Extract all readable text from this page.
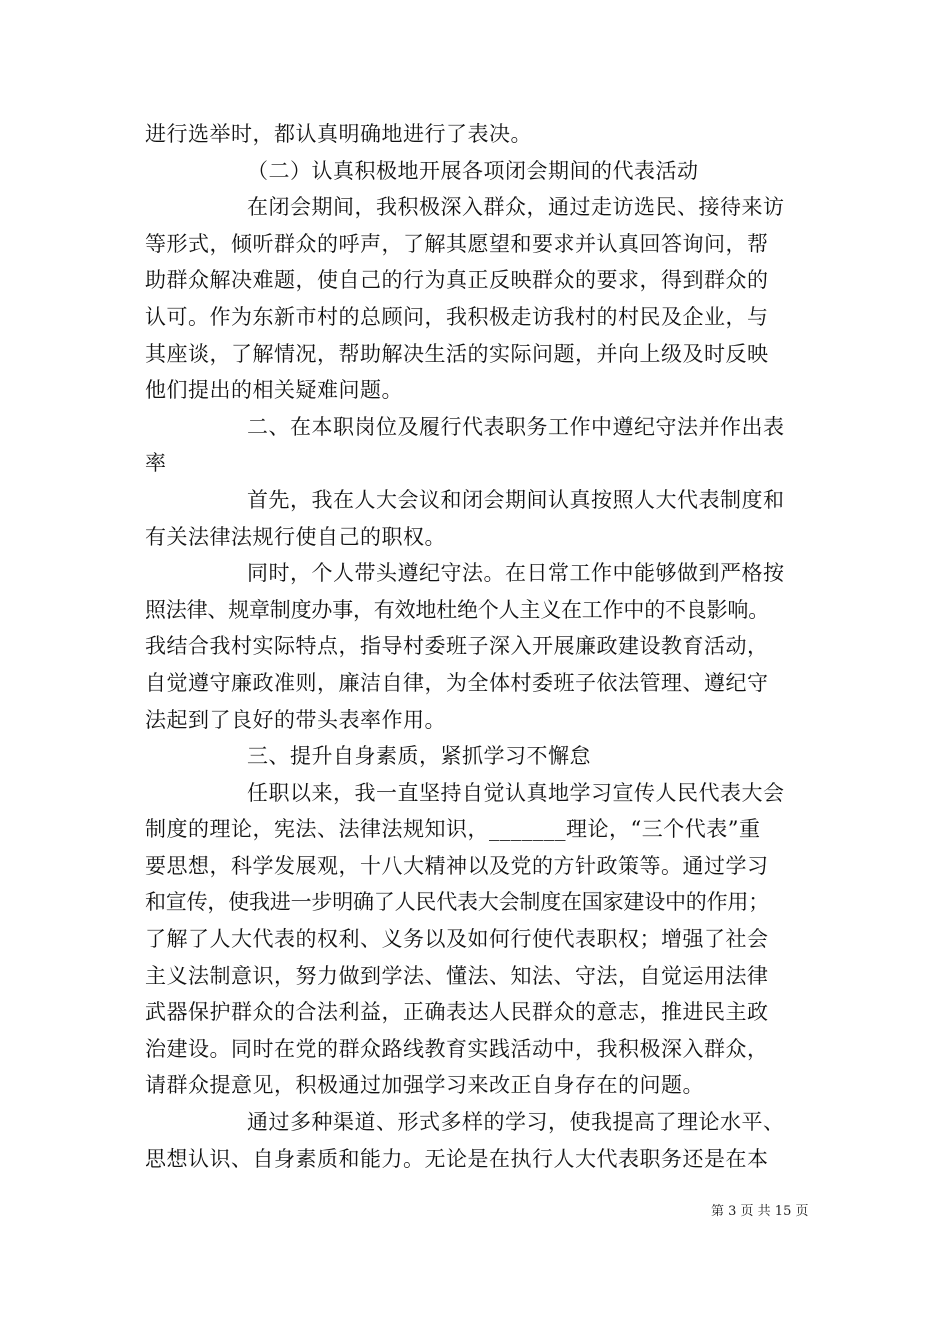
进行选举时，都认真明确地进行了表决。
（二）认真积极地开展各项闭会期间的代表活动
在闭会期间，我积极深入群众，通过走访选民、接待来访
等形式，倾听群众的呼声，了解其愿望和要求并认真回答询问，帮
助群众解决难题，使自己的行为真正反映群众的要求，得到群众的
认可。作为东新市村的总顾问，我积极走访我村的村民及企业，与
其座谈，了解情况，帮助解决生活的实际问题，并向上级及时反映
他们提出的相关疑难问题。
二、在本职岗位及履行代表职务工作中遵纪守法并作出表
率
首先，我在人大会议和闭会期间认真按照人大代表制度和
有关法律法规行使自己的职权。
同时，个人带头遵纪守法。在日常工作中能够做到严格按
照法律、规章制度办事，有效地杜绝个人主义在工作中的不良影响。
我结合我村实际特点，指导村委班子深入开展廉政建设教育活动，
自觉遵守廉政准则，廉洁自律，为全体村委班子依法管理、遵纪守
法起到了良好的带头表率作用。
三、提升自身素质，紧抓学习不懈怠
任职以来，我一直坚持自觉认真地学习宣传人民代表大会
制度的理论，宪法、法律法规知识，_______理论，“三个代表”重
要思想，科学发展观，十八大精神以及党的方针政策等。通过学习
和宣传，使我进一步明确了人民代表大会制度在国家建设中的作用；
了解了人大代表的权利、义务以及如何行使代表职权；增强了社会
主义法制意识，努力做到学法、懂法、知法、守法，自觉运用法律
武器保护群众的合法利益，正确表达人民群众的意志，推进民主政
治建设。同时在党的群众路线教育实践活动中，我积极深入群众，
请群众提意见，积极通过加强学习来改正自身存在的问题。
通过多种渠道、形式多样的学习，使我提高了理论水平、
思想认识、自身素质和能力。无论是在执行人大代表职务还是在本
第 3 页 共 15 页
